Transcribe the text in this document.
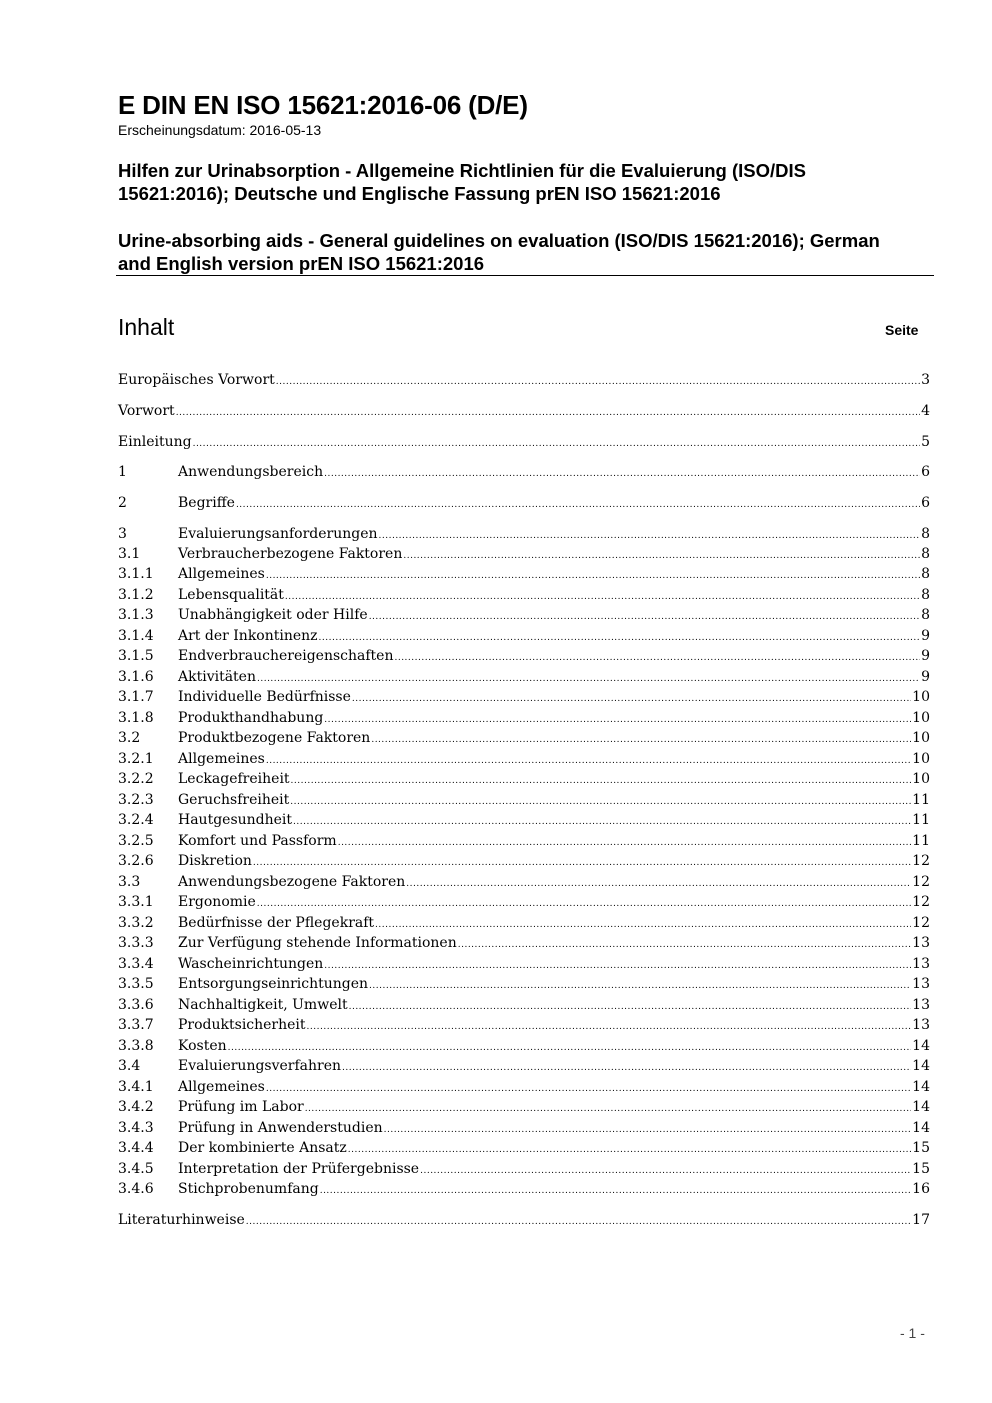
E DIN EN ISO 15621:2016-06 (D/E)
Erscheinungsdatum: 2016-05-13
Hilfen zur Urinabsorption - Allgemeine Richtlinien für die Evaluierung (ISO/DIS 15621:2016); Deutsche und Englische Fassung prEN ISO 15621:2016
Urine-absorbing aids - General guidelines on evaluation (ISO/DIS 15621:2016); German and English version prEN ISO 15621:2016
Inhalt	Seite
Europäisches Vorwort .....	3
Vorwort .....	4
Einleitung .....	5
1	Anwendungsbereich .....	6
2	Begriffe .....	6
3	Evaluierungsanforderungen .....	8
3.1	Verbraucherbezogene Faktoren .....	8
3.1.1	Allgemeines .....	8
3.1.2	Lebensqualität .....	8
3.1.3	Unabhängigkeit oder Hilfe .....	8
3.1.4	Art der Inkontinenz .....	9
3.1.5	Endverbrauchereigenschaften .....	9
3.1.6	Aktivitäten .....	9
3.1.7	Individuelle Bedürfnisse .....	10
3.1.8	Produkthandhabung .....	10
3.2	Produktbezogene Faktoren .....	10
3.2.1	Allgemeines .....	10
3.2.2	Leckagefreiheit .....	10
3.2.3	Geruchsfreiheit .....	11
3.2.4	Hautgesundheit .....	11
3.2.5	Komfort und Passform .....	11
3.2.6	Diskretion .....	12
3.3	Anwendungsbezogene Faktoren .....	12
3.3.1	Ergonomie .....	12
3.3.2	Bedürfnisse der Pflegekraft .....	12
3.3.3	Zur Verfügung stehende Informationen .....	13
3.3.4	Wascheinrichtungen .....	13
3.3.5	Entsorgungseinrichtungen .....	13
3.3.6	Nachhaltigkeit, Umwelt .....	13
3.3.7	Produktsicherheit .....	13
3.3.8	Kosten .....	14
3.4	Evaluierungsverfahren .....	14
3.4.1	Allgemeines .....	14
3.4.2	Prüfung im Labor .....	14
3.4.3	Prüfung in Anwenderstudien .....	14
3.4.4	Der kombinierte Ansatz .....	15
3.4.5	Interpretation der Prüfergebnisse .....	15
3.4.6	Stichprobenumfang .....	16
Literaturhinweise .....	17
- 1 -
